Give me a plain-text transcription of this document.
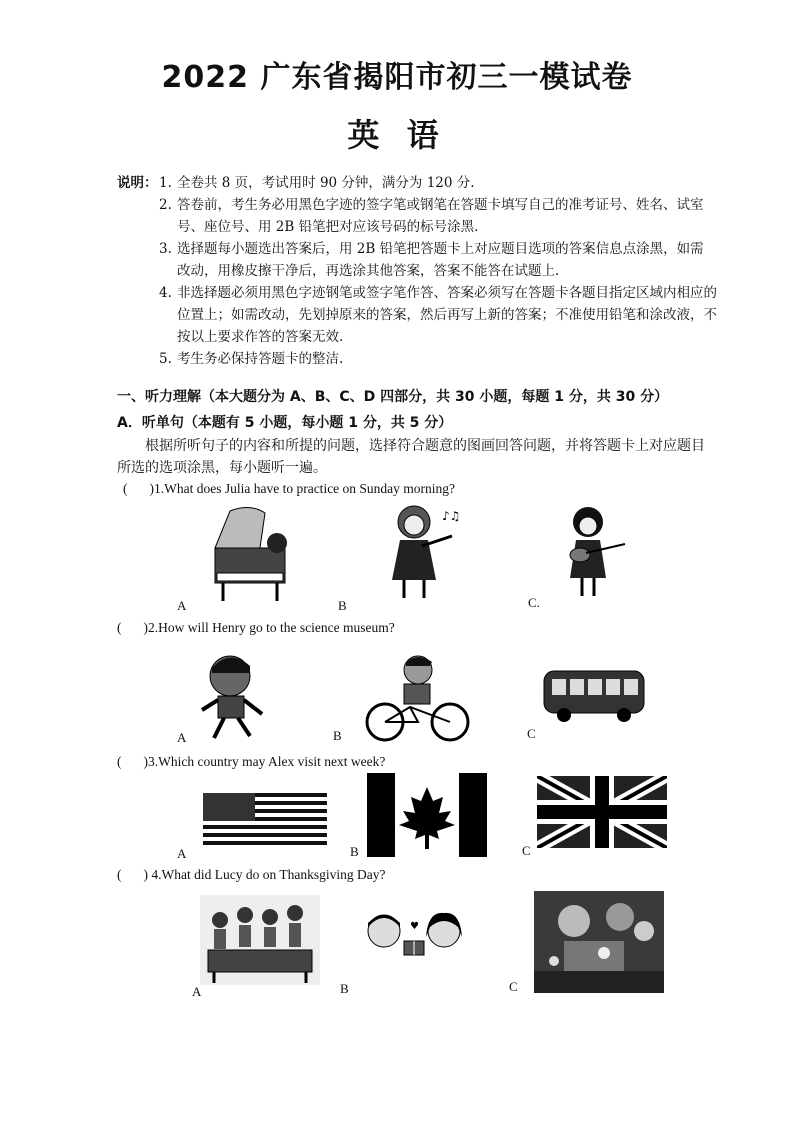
2022 广东省揭阳市初三一模试卷
英 语
说明： 1. 全卷共 8 页，考试用时 90 分钟，满分为 120 分.
2. 答卷前，考生务必用黑色字迹的签字笔或钢笔在答题卡填写自己的准考证号、姓名、试室号、座位号、用 2B 铅笔把对应该号码的标号涂黑.
3. 选择题每小题选出答案后，用 2B 铅笔把答题卡上对应题目选项的答案信息点涂黑，如需改动，用橡皮擦干净后，再选涂其他答案，答案不能答在试题上.
4. 非选择题必须用黑色字迹钢笔或签字笔作答、答案必须写在答题卡各题目指定区域内相应的位置上；如需改动，先划掉原来的答案，然后再写上新的答案；不准使用铅笔和涂改液，不按以上要求作答的答案无效.
5. 考生务必保持答题卡的整洁.
一、听力理解（本大题分为 A、B、C、D 四部分，共 30 小题，每题 1 分，共 30 分）
A．听单句（本题有 5 小题，每小题 1 分，共 5 分）
根据所听句子的内容和所提的问题，选择符合题意的图画回答问题，并将答题卡上对应题目所选的选项涂黑，每小题听一遍。
( )1.What does Julia have to practice on Sunday morning?
♪♫
A	B	C.
( )2.How will Henry go to the science museum?
A	B	C
( )3.Which country may Alex visit next week?
A	B	C
( ) 4.What did Lucy do on Thanksgiving Day?
♥
A	B	C
